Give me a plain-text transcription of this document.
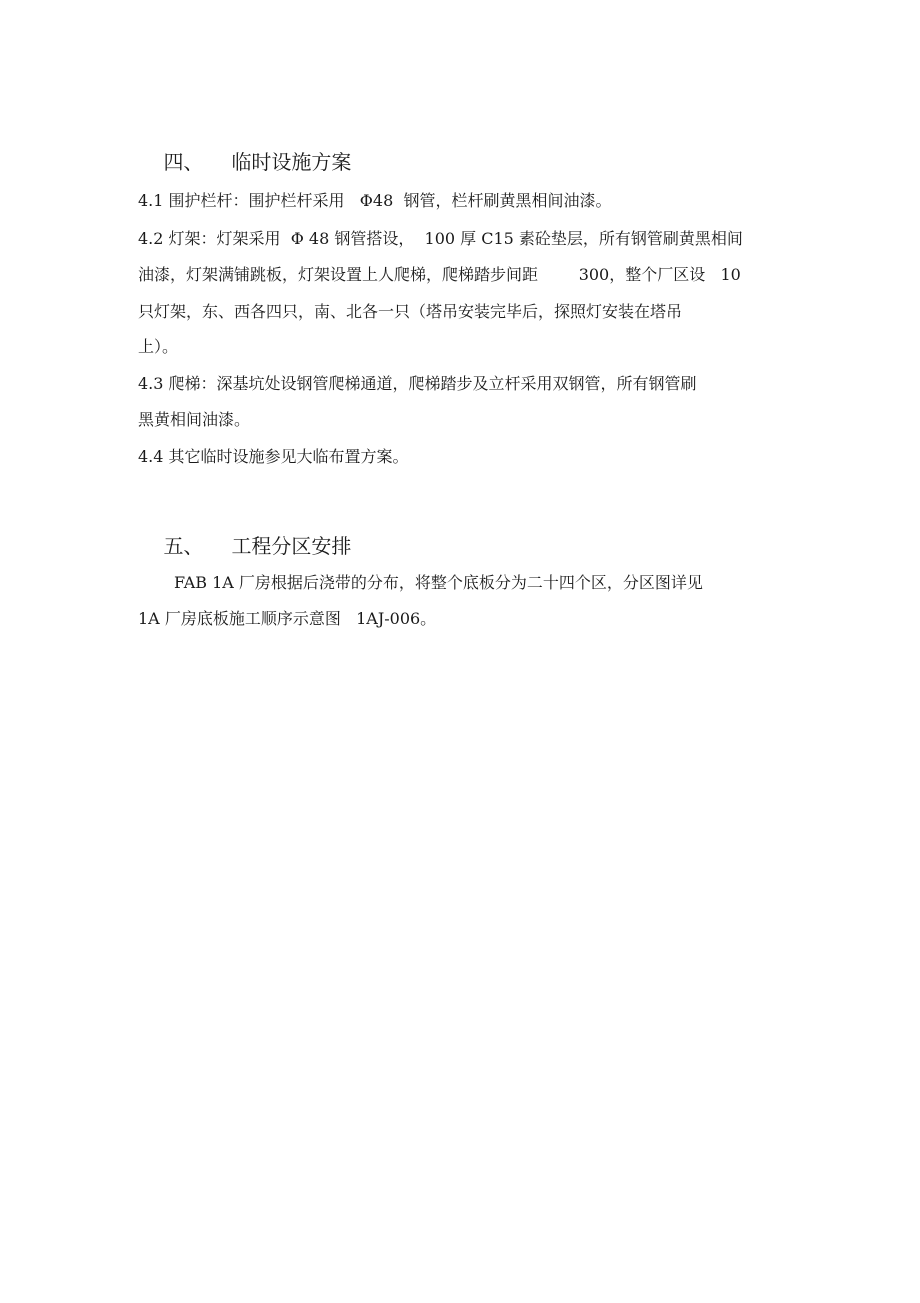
四、 临时设施方案

4.1 围护栏杆：围护栏杆采用   Φ48  钢管，栏杆刷黄黑相间油漆。
4.2 灯架：灯架采用  Φ 48 钢管搭设，  100 厚 C15 素砼垫层，所有钢管刷黄黑相间
油漆，灯架满铺跳板，灯架设置上人爬梯，爬梯踏步间距        300，整个厂区设   10
只灯架，东、西各四只，南、北各一只（塔吊安装完毕后，探照灯安装在塔吊
上）。
4.3 爬梯：深基坑处设钢管爬梯通道，爬梯踏步及立杆采用双钢管，所有钢管刷
黑黄相间油漆。
4.4 其它临时设施参见大临布置方案。

五、 工程分区安排

FAB 1A 厂房根据后浇带的分布，将整个底板分为二十四个区，分区图详见
1A 厂房底板施工顺序示意图   1AJ-006。
